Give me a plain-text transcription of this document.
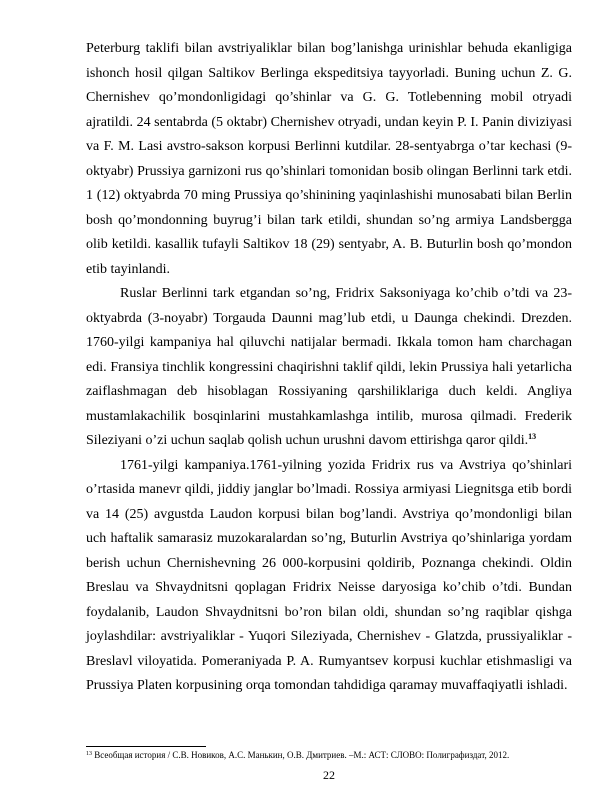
Peterburg taklifi bilan avstriyaliklar bilan bog’lanishga urinishlar behuda ekanligiga ishonch hosil qilgan Saltikov Berlinga ekspeditsiya tayyorladi. Buning uchun Z. G. Chernishev qo’mondonligidagi qo’shinlar va G. G. Totlebenning mobil otryadi ajratildi. 24 sentabrda (5 oktabr) Chernishev otryadi, undan keyin P. I. Panin diviziyasi va F. M. Lasi avstro-sakson korpusi Berlinni kutdilar. 28-sentyabrga o’tar kechasi (9-oktyabr) Prussiya garnizoni rus qo’shinlari tomonidan bosib olingan Berlinni tark etdi. 1 (12) oktyabrda 70 ming Prussiya qo’shinining yaqinlashishi munosabati bilan Berlin bosh qo’mondonning buyrug’i bilan tark etildi, shundan so’ng armiya Landsbergga olib ketildi. kasallik tufayli Saltikov 18 (29) sentyabr, A. B. Buturlin bosh qo’mondon etib tayinlandi.

Ruslar Berlinni tark etgandan so’ng, Fridrix Saksoniyaga ko’chib o’tdi va 23-oktyabrda (3-noyabr) Torgauda Daunni mag’lub etdi, u Daunga chekindi. Drezden. 1760-yilgi kampaniya hal qiluvchi natijalar bermadi. Ikkala tomon ham charchagan edi. Fransiya tinchlik kongressini chaqirishni taklif qildi, lekin Prussiya hali yetarlicha zaiflashmagan deb hisoblagan Rossiyaning qarshiliklariga duch keldi. Angliya mustamlakachilik bosqinlarini mustahkamlashga intilib, murosa qilmadi. Frederik Sileziyani o’zi uchun saqlab qolish uchun urushni davom ettirishga qaror qildi.$^{13}$

1761-yilgi kampaniya.1761-yilning yozida Fridrix rus va Avstriya qo’shinlari o’rtasida manevr qildi, jiddiy janglar bo’lmadi. Rossiya armiyasi Liegnitsga etib bordi va 14 (25) avgustda Laudon korpusi bilan bog’landi. Avstriya qo’mondonligi bilan uch haftalik samarasiz muzokaralardan so’ng, Buturlin Avstriya qo’shinlariga yordam berish uchun Chernishevning 26 000-korpusini qoldirib, Poznanga chekindi. Oldin Breslau va Shvaydnitsni qoplagan Fridrix Neisse daryosiga ko’chib o’tdi. Bundan foydalanib, Laudon Shvaydnitsni bo’ron bilan oldi, shundan so’ng raqiblar qishga joylashdilar: avstriyaliklar - Yuqori Sileziyada, Chernishev - Glatzda, prussiyaliklar - Breslavl viloyatida. Pomeraniyada P. A. Rumyantsev korpusi kuchlar etishmasligi va Prussiya Platen korpusining orqa tomondan tahdidiga qaramay muvaffaqiyatli ishladi.

$^{13}$ Всеобщая история / С.В. Новиков, А.С. Манькин, О.В. Дмитриев. –М.: АСТ: СЛОВО: Полиграфиздат, 2012.
22
